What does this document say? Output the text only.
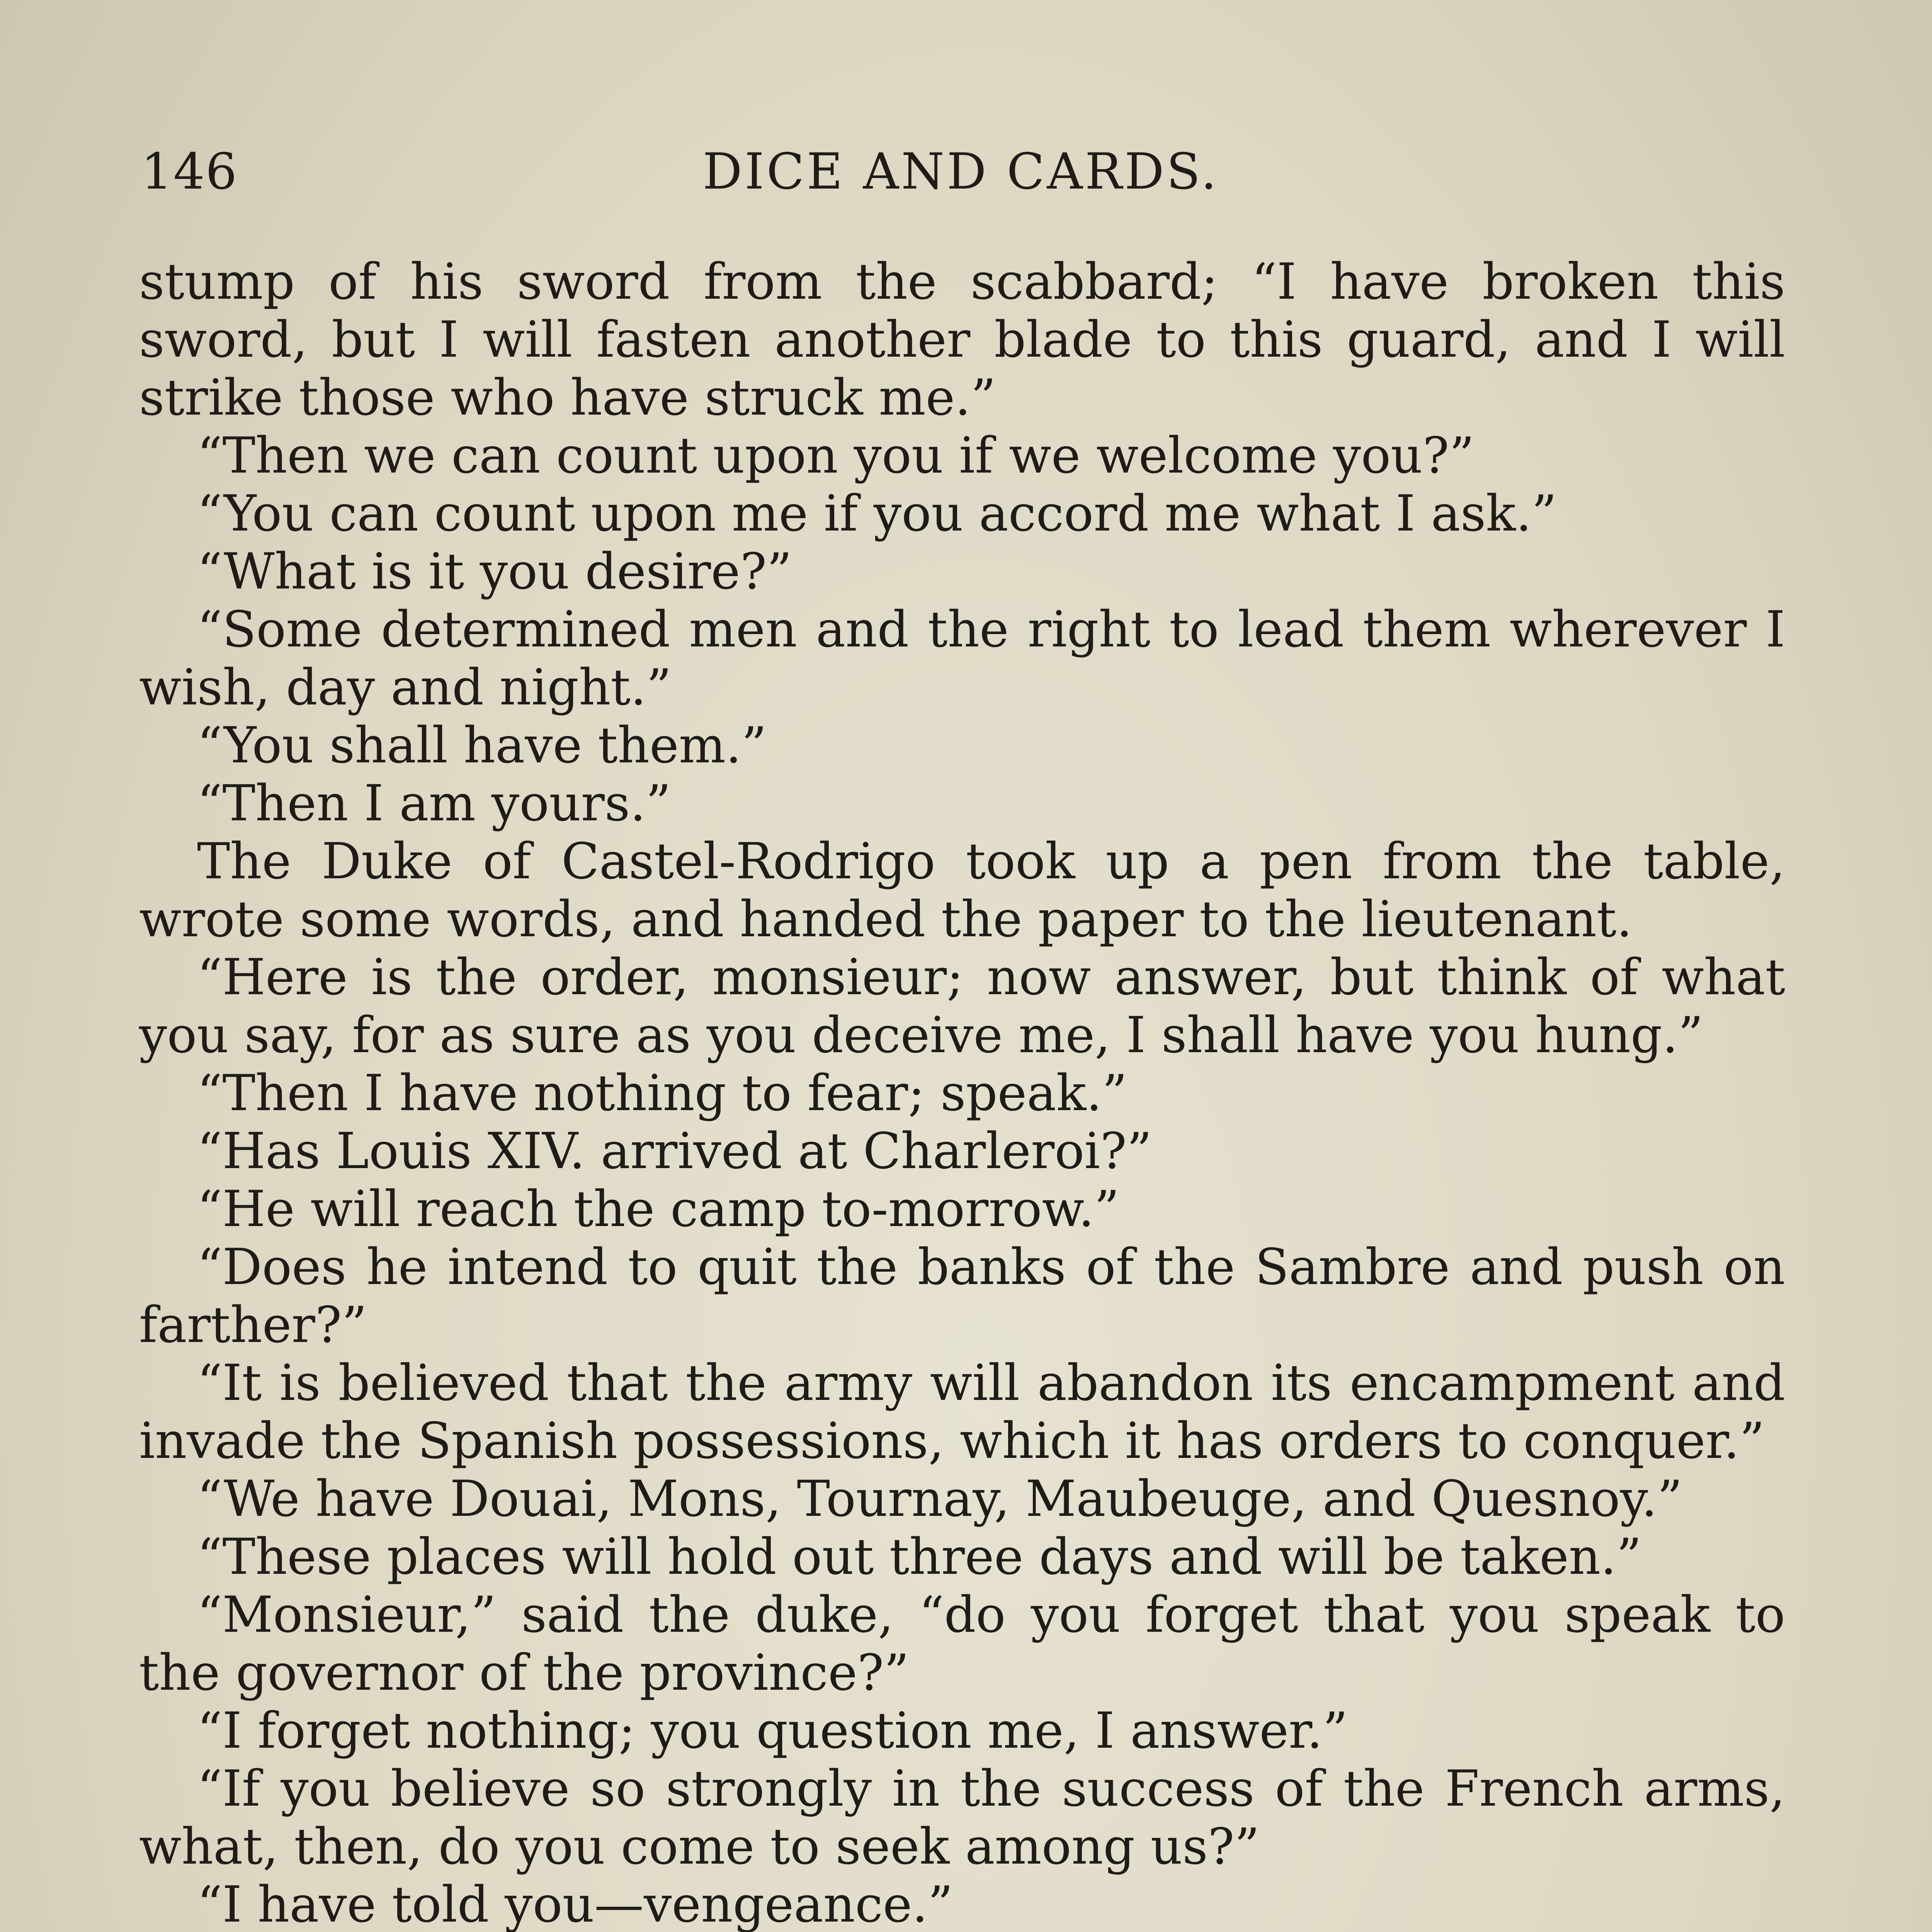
146	DICE AND CARDS.

stump of his sword from the scabbard; “I have broken this sword, but I will fasten another blade to this guard, and I will strike those who have struck me.”

“Then we can count upon you if we welcome you?”

“You can count upon me if you accord me what I ask.”

“What is it you desire?”

“Some determined men and the right to lead them wherever I wish, day and night.”

“You shall have them.”

“Then I am yours.”

The Duke of Castel-Rodrigo took up a pen from the table, wrote some words, and handed the paper to the lieutenant.

“Here is the order, monsieur; now answer, but think of what you say, for as sure as you deceive me, I shall have you hung.”

“Then I have nothing to fear; speak.”

“Has Louis XIV. arrived at Charleroi?”

“He will reach the camp to-morrow.”

“Does he intend to quit the banks of the Sambre and push on farther?”

“It is believed that the army will abandon its encampment and invade the Spanish possessions, which it has orders to conquer.”

“We have Douai, Mons, Tournay, Maubeuge, and Quesnoy.”

“These places will hold out three days and will be taken.”

“Monsieur,” said the duke, “do you forget that you speak to the governor of the province?”

“I forget nothing; you question me, I answer.”

“If you believe so strongly in the success of the French arms, what, then, do you come to seek among us?”

“I have told you—vengeance.”
